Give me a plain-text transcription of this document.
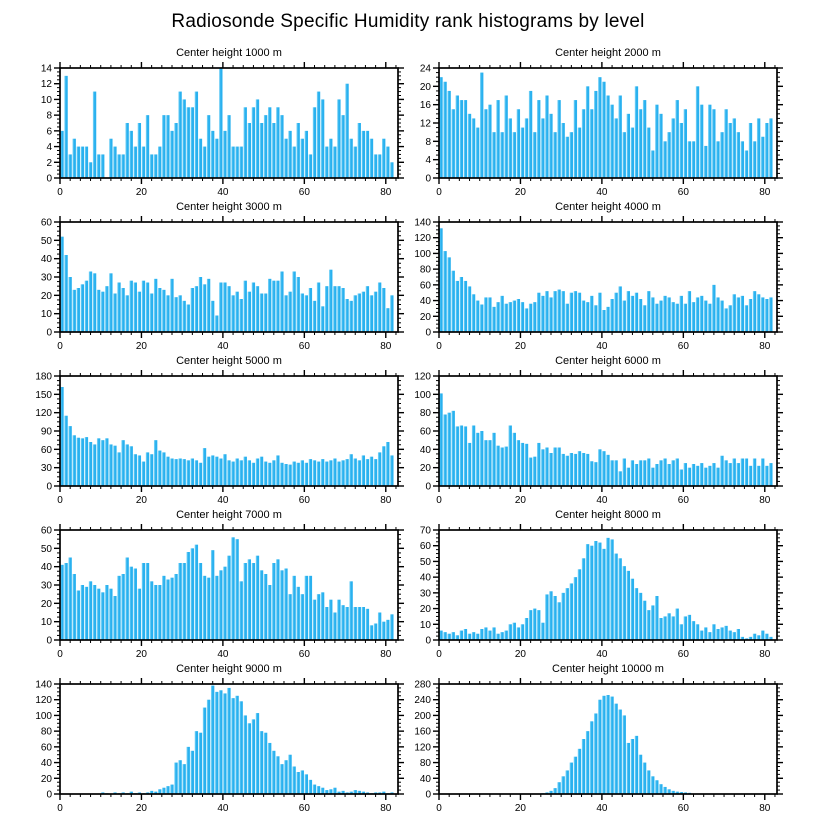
Radiosonde Specific Humidity rank histograms by level
Center height 1000 m
0
2
4
6
8
10
12
14
0	20	40	60	80
Center height 2000 m
0
4
8
12
16
20
24
0	20	40	60	80
Center height 3000 m
0
10
20
30
40
50
60
0	20	40	60	80
Center height 4000 m
0
20
40
60
80
100
120
140
0	20	40	60	80
Center height 5000 m
0
30
60
90
120
150
180
0	20	40	60	80
Center height 6000 m
0
20
40
60
80
100
120
0	20	40	60	80
Center height 7000 m
0
10
20
30
40
50
60
0	20	40	60	80
Center height 8000 m
0
10
20
30
40
50
60
70
0	20	40	60	80
Center height 9000 m
0
20
40
60
80
100
120
140
0	20	40	60	80
Center height 10000 m
0
40
80
120
160
200
240
280
0	20	40	60	80
